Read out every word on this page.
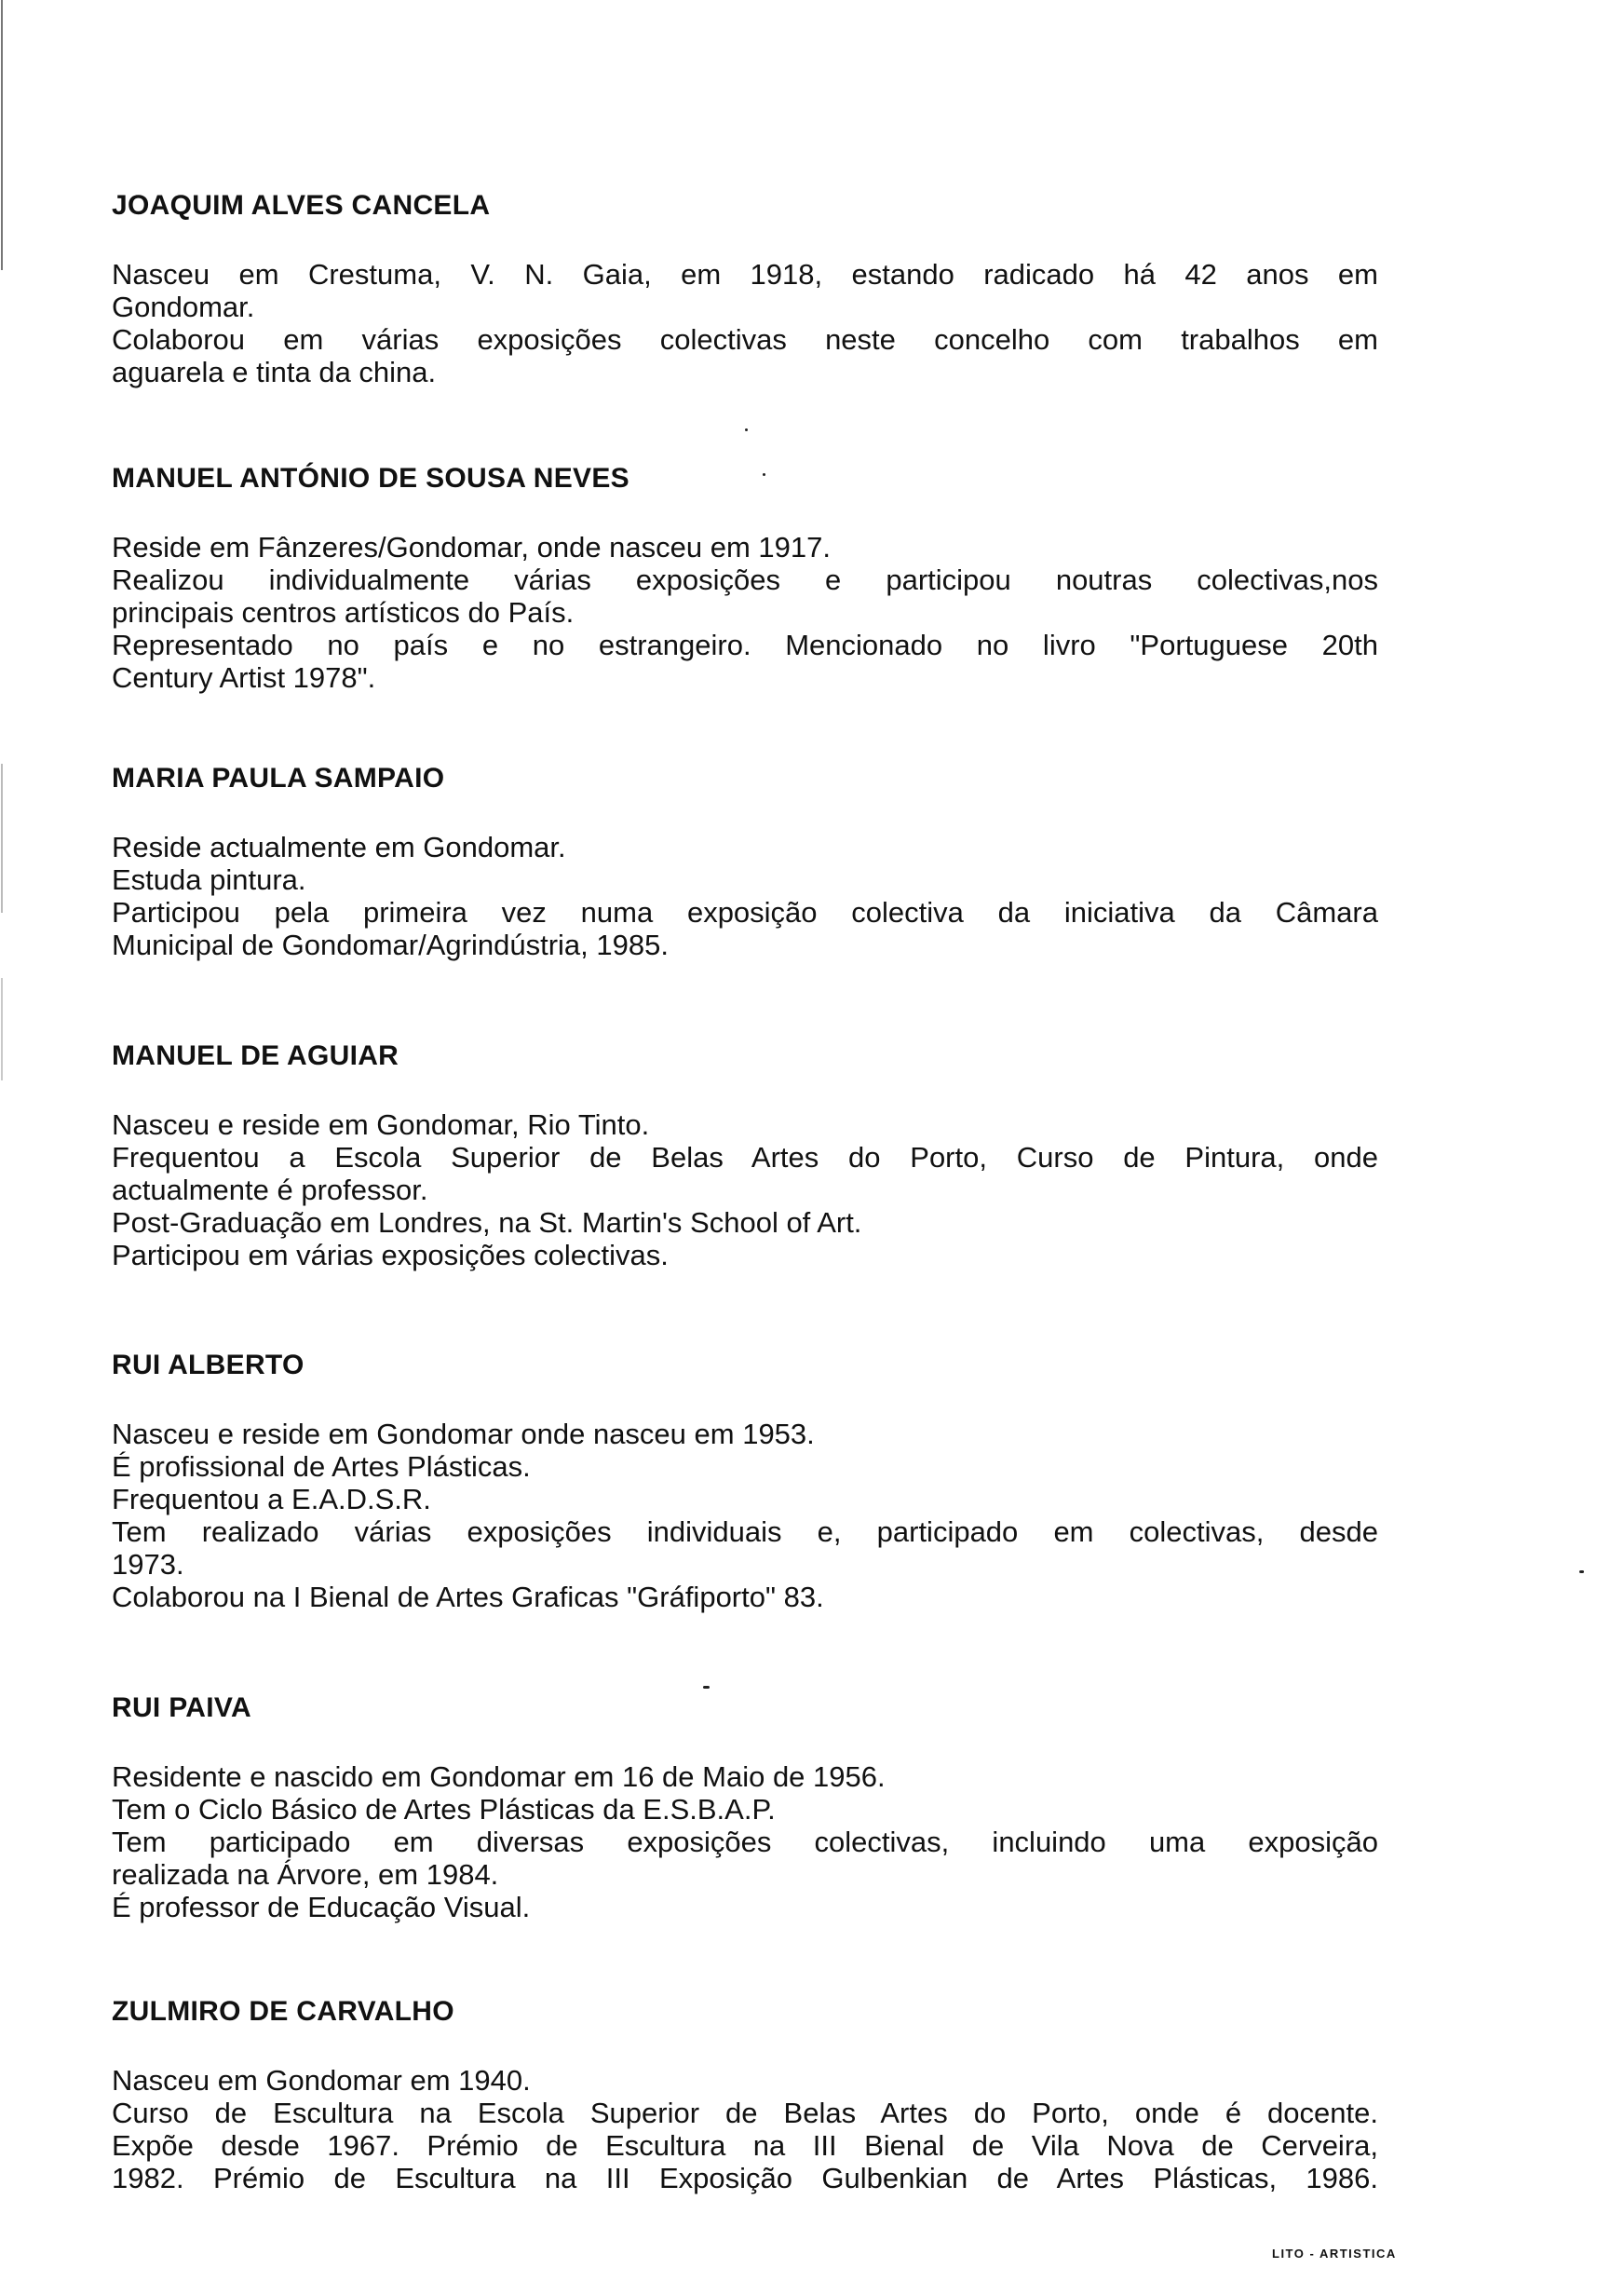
JOAQUIM ALVES CANCELA

Nasceu em Crestuma, V. N. Gaia, em 1918, estando radicado há 42 anos em

Gondomar.

Colaborou em várias exposições colectivas neste concelho com trabalhos em

aguarela e tinta da china.

MANUEL ANTÓNIO DE SOUSA NEVES

Reside em Fânzeres/Gondomar, onde nasceu em 1917.

Realizou individualmente várias exposições e participou noutras colectivas,nos

principais centros artísticos do País.

Representado no país e no estrangeiro. Mencionado no livro "Portuguese 20th

Century Artist 1978".

MARIA PAULA SAMPAIO

Reside actualmente em Gondomar.

Estuda pintura.

Participou pela primeira vez numa exposição colectiva da iniciativa da Câmara

Municipal de Gondomar/Agrindústria, 1985.

MANUEL DE AGUIAR

Nasceu e reside em Gondomar, Rio Tinto.

Frequentou a Escola Superior de Belas Artes do Porto, Curso de Pintura, onde

actualmente é professor.

Post-Graduação em Londres, na St. Martin's School of Art.

Participou em várias exposições colectivas.

RUI ALBERTO

Nasceu e reside em Gondomar onde nasceu em 1953.

É profissional de Artes Plásticas.

Frequentou a E.A.D.S.R.

Tem realizado várias exposições individuais e, participado em colectivas, desde

1973.

Colaborou na I Bienal de Artes Graficas "Gráfiporto" 83.

RUI PAIVA

Residente e nascido em Gondomar em 16 de Maio de 1956.

Tem o Ciclo Básico de Artes Plásticas da E.S.B.A.P.

Tem participado em diversas exposições colectivas, incluindo uma exposição

realizada na Árvore, em 1984.

É professor de Educação Visual.

ZULMIRO DE CARVALHO

Nasceu em Gondomar em 1940.

Curso de Escultura na Escola Superior de Belas Artes do Porto, onde é docente.

Expõe desde 1967. Prémio de Escultura na III Bienal de Vila Nova de Cerveira,

1982. Prémio de Escultura na III Exposição Gulbenkian de Artes Plásticas, 1986.

LITO - ARTISTICA
